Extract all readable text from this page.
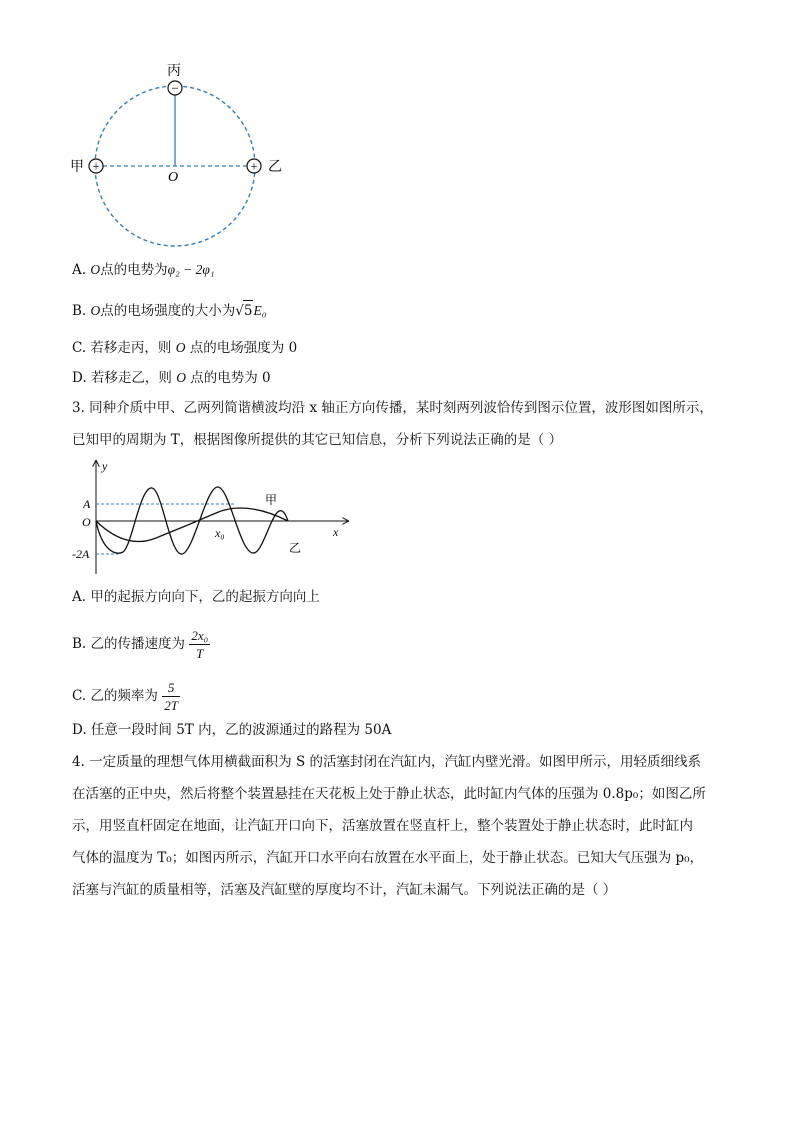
−
+	+
丙
甲	乙
O
A. O点的电势为φ₂ − 2φ₁
B. O点的电场强度的大小为√5E₀
C. 若移走丙，则 O 点的电场强度为 0
D. 若移走乙，则 O 点的电势为 0
3. 同种介质中甲、乙两列简谐横波均沿 x 轴正方向传播，某时刻两列波恰传到图示位置，波形图如图所示，
已知甲的周期为 T，根据图像所提供的其它已知信息，分析下列说法正确的是（ ）
y
x
O
A
-2A
x₀
甲
乙
A. 甲的起振方向向下，乙的起振方向向上
B. 乙的传播速度为 $\frac{\text{2x₀}}{T}$
C. 乙的频率为 $\frac{5}{2T}$
D. 任意一段时间 5T 内，乙的波源通过的路程为 50A
4. 一定质量的理想气体用横截面积为 S 的活塞封闭在汽缸内，汽缸内壁光滑。如图甲所示，用轻质细线系
在活塞的正中央，然后将整个装置悬挂在天花板上处于静止状态，此时缸内气体的压强为 0.8p₀；如图乙所
示，用竖直杆固定在地面，让汽缸开口向下，活塞放置在竖直杆上，整个装置处于静止状态时，此时缸内
气体的温度为 T₀；如图丙所示，汽缸开口水平向右放置在水平面上，处于静止状态。已知大气压强为 p₀，
活塞与汽缸的质量相等，活塞及汽缸壁的厚度均不计，汽缸未漏气。下列说法正确的是（ ）
